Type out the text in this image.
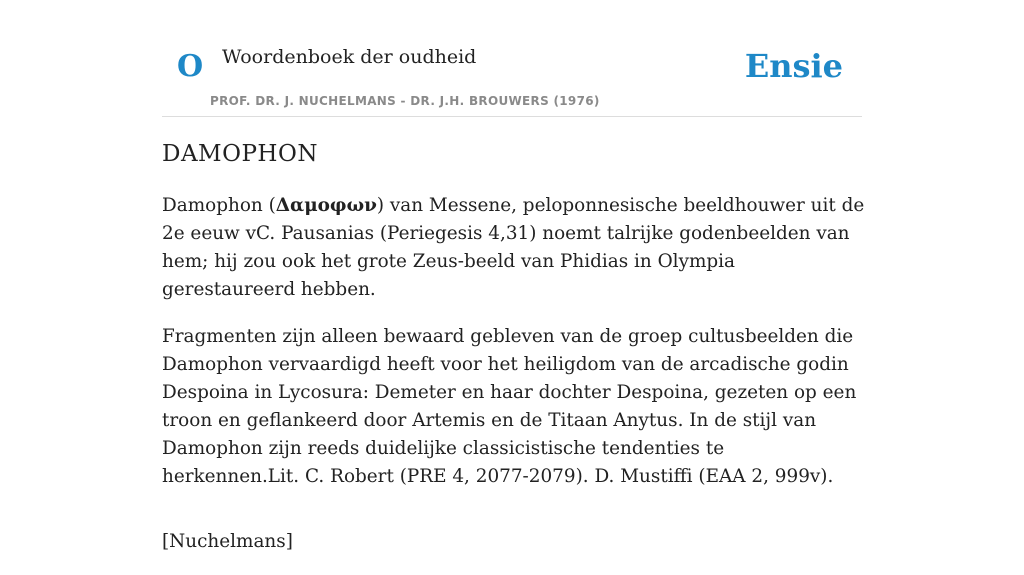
O Woordenboek der oudheid
PROF. DR. J. NUCHELMANS - DR. J.H. BROUWERS (1976)
Ensie
DAMOPHON

Damophon (Δαμοφων) van Messene, peloponnesische beeldhouwer uit de 2e eeuw vC. Pausanias (Periegesis 4,31) noemt talrijke godenbeelden van hem; hij zou ook het grote Zeus-beeld van Phidias in Olympia gerestaureerd hebben.

Fragmenten zijn alleen bewaard gebleven van de groep cultusbeelden die Damophon vervaardigd heeft voor het heiligdom van de arcadische godin Despoina in Lycosura: Demeter en haar dochter Despoina, gezeten op een troon en geflankeerd door Artemis en de Titaan Anytus. In de stijl van Damophon zijn reeds duidelijke classicistische tendenties te herkennen.Lit. C. Robert (PRE 4, 2077-2079). D. Mustiffi (EAA 2, 999v).

[Nuchelmans]
